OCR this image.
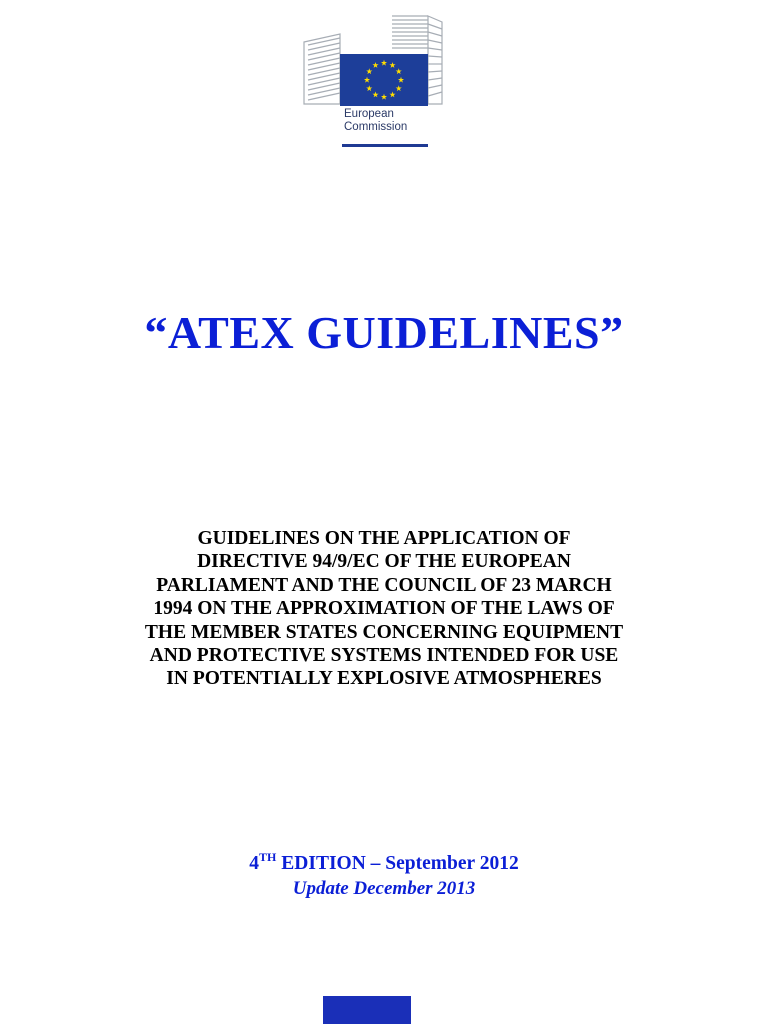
European
Commission
“ATEX GUIDELINES”
GUIDELINES ON THE APPLICATION OF
DIRECTIVE 94/9/EC OF THE EUROPEAN
PARLIAMENT AND THE COUNCIL OF 23 MARCH
1994 ON THE APPROXIMATION OF THE LAWS OF
THE MEMBER STATES CONCERNING EQUIPMENT
AND PROTECTIVE SYSTEMS INTENDED FOR USE
IN POTENTIALLY EXPLOSIVE ATMOSPHERES
4TH EDITION – September 2012
Update December 2013
